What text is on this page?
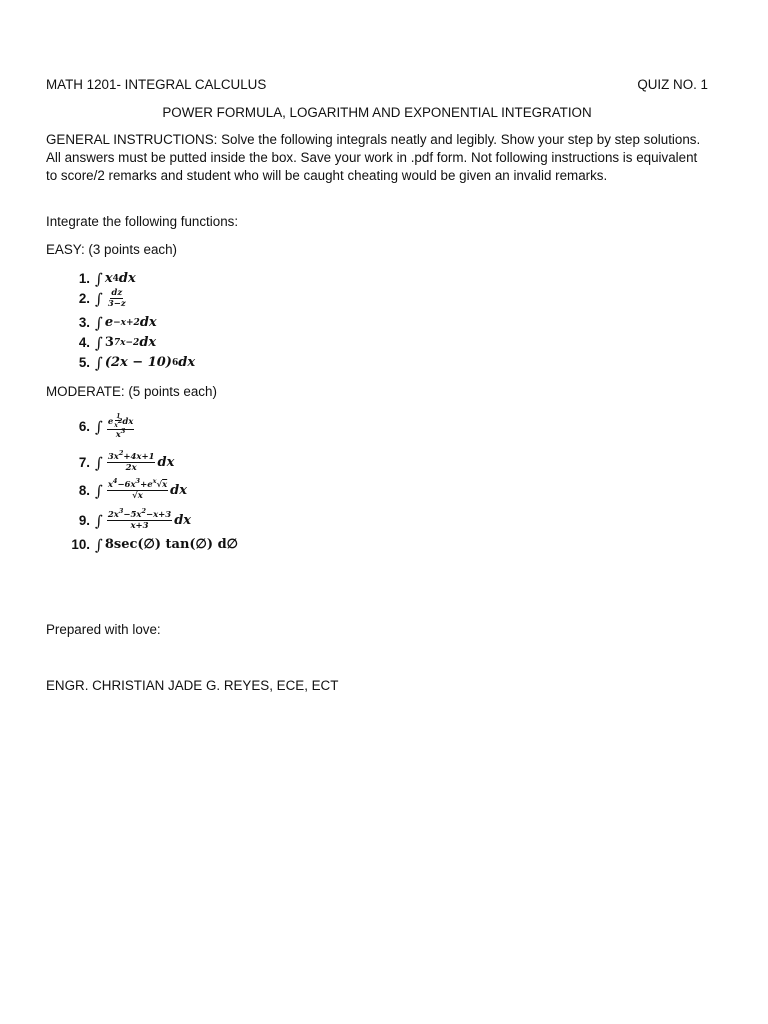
MATH 1201- INTEGRAL CALCULUS	QUIZ NO. 1
POWER FORMULA, LOGARITHM AND EXPONENTIAL INTEGRATION

GENERAL INSTRUCTIONS: Solve the following integrals neatly and legibly. Show your step by step solutions. All answers must be putted inside the box. Save your work in .pdf form. Not following instructions is equivalent to score/2 remarks and student who will be caught cheating would be given an invalid remarks.

Integrate the following functions:
EASY: (3 points each)
1. ∫ x 4 dx
2. ∫ $\frac{dz}{3-z}$
3. ∫ e −x+2 dx
4. ∫ 3 7x−2 dx
5. ∫ (2x − 10) 6 dx
MODERATE: (5 points each)
6. ∫ $\frac{e \frac{1}{x^2} dx}{x^3}$
7. ∫ $\frac{3x^2+4x+1}{2x}$ dx
8. ∫ $\frac{x^4-6x^3+e^x√x}{√x}$ dx
9. ∫ $\frac{2x^3-5x^2-x+3}{x+3}$ dx
10. ∫ 8sec(∅) tan(∅) d∅
Prepared with love:
ENGR. CHRISTIAN JADE G. REYES, ECE, ECT
